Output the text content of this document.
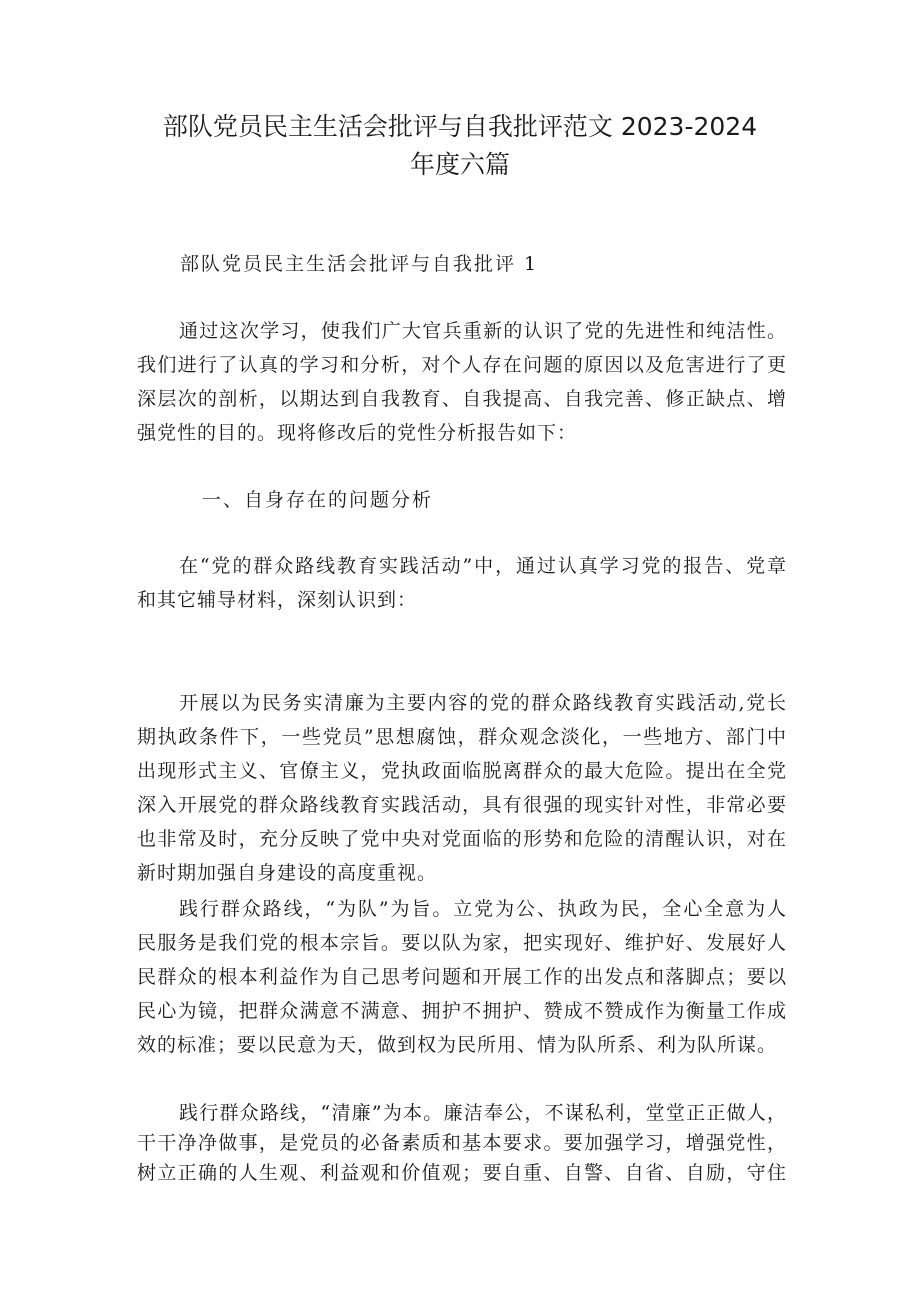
部队党员民主生活会批评与自我批评范文 2023-2024
年度六篇

部队党员民主生活会批评与自我批评 1

通过这次学习，使我们广大官兵重新的认识了党的先进性和纯洁性。
我们进行了认真的学习和分析，对个人存在问题的原因以及危害进行了更
深层次的剖析，以期达到自我教育、自我提高、自我完善、修正缺点、增
强党性的目的。现将修改后的党性分析报告如下：

一、自身存在的问题分析

在“党的群众路线教育实践活动”中，通过认真学习党的报告、党章
和其它辅导材料，深刻认识到：
开展以为民务实清廉为主要内容的党的群众路线教育实践活动,党长
期执政条件下，一些党员”思想腐蚀，群众观念淡化，一些地方、部门中
出现形式主义、官僚主义，党执政面临脱离群众的最大危险。提出在全党
深入开展党的群众路线教育实践活动，具有很强的现实针对性，非常必要
也非常及时，充分反映了党中央对党面临的形势和危险的清醒认识，对在
新时期加强自身建设的高度重视。
践行群众路线，“为队”为旨。立党为公、执政为民，全心全意为人
民服务是我们党的根本宗旨。要以队为家，把实现好、维护好、发展好人
民群众的根本利益作为自己思考问题和开展工作的出发点和落脚点；要以
民心为镜，把群众满意不满意、拥护不拥护、赞成不赞成作为衡量工作成
效的标准；要以民意为天，做到权为民所用、情为队所系、利为队所谋。
践行群众路线，“清廉”为本。廉洁奉公，不谋私利，堂堂正正做人，
干干净净做事，是党员的必备素质和基本要求。要加强学习，增强党性，
树立正确的人生观、利益观和价值观；要自重、自警、自省、自励，守住
